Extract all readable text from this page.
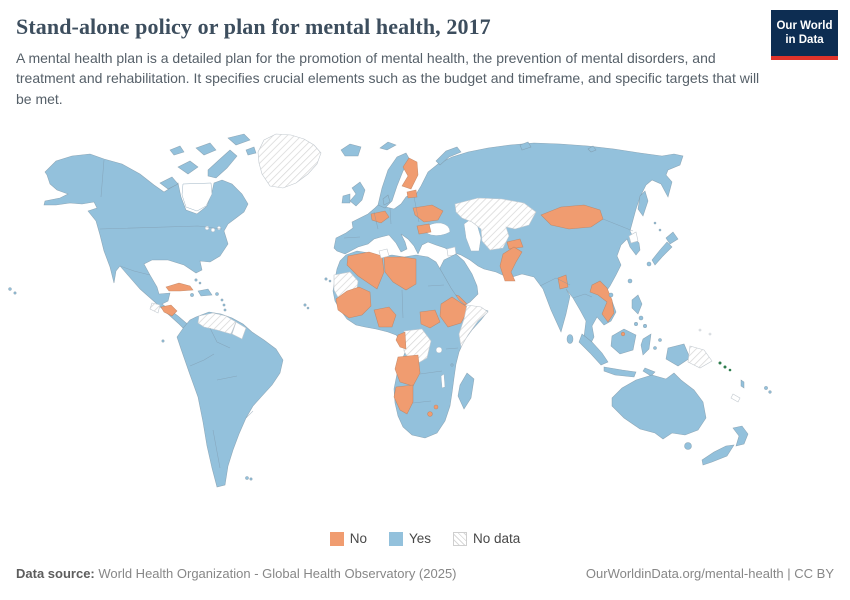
Stand-alone policy or plan for mental health, 2017

A mental health plan is a detailed plan for the promotion of mental health, the prevention of mental disorders, and treatment and rehabilitation. It specifies crucial elements such as the budget and timeframe, and specific targets that will be met.

Our World
in Data
No	Yes	No data
Data source: World Health Organization - Global Health Observatory (2025)	OurWorldinData.org/mental-health | CC BY
